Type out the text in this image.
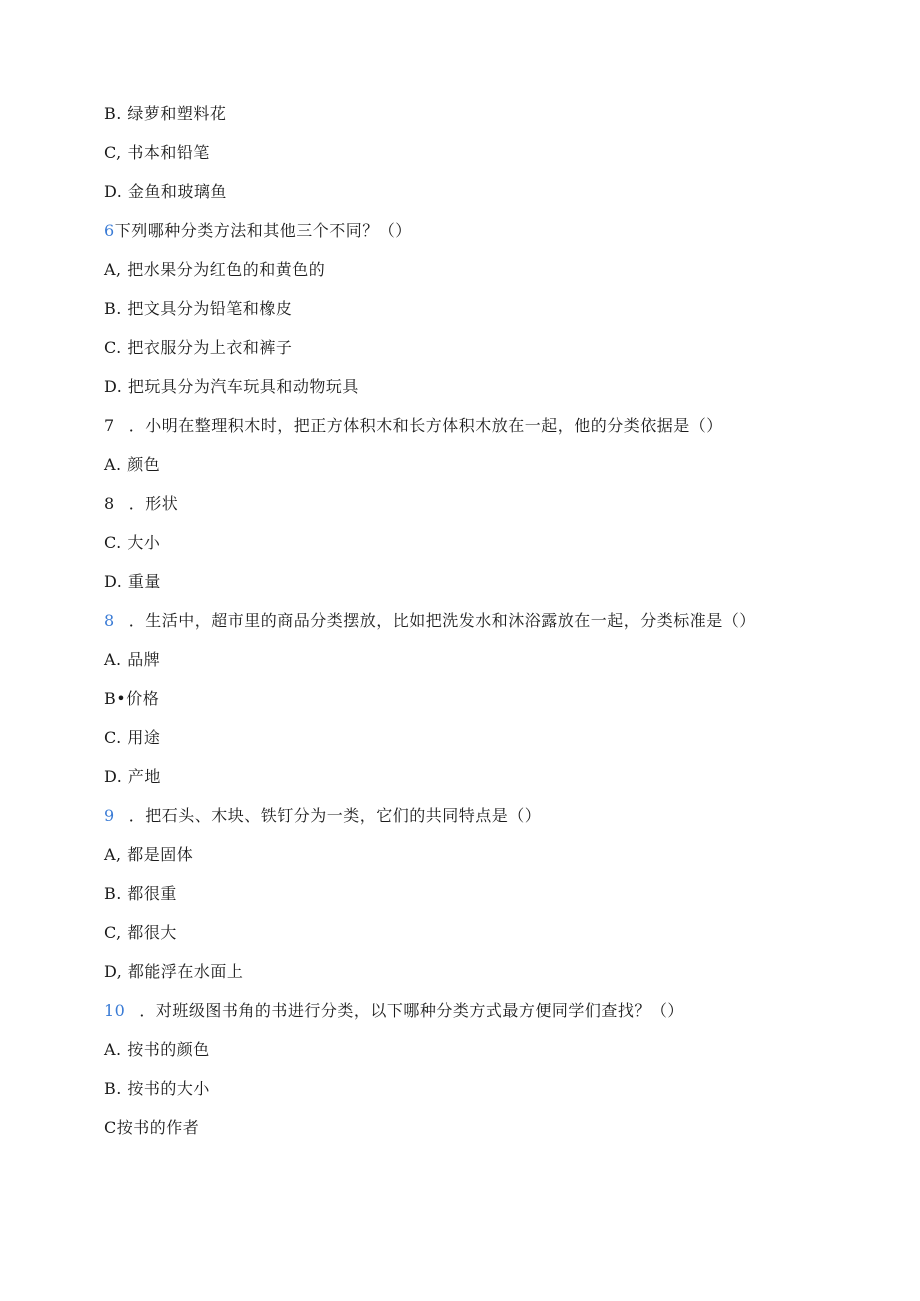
B. 绿萝和塑料花
C, 书本和铅笔
D. 金鱼和玻璃鱼
6下列哪种分类方法和其他三个不同？（）
A, 把水果分为红色的和黄色的
B. 把文具分为铅笔和橡皮
C. 把衣服分为上衣和裤子
D. 把玩具分为汽车玩具和动物玩具
7 ．小明在整理积木时，把正方体积木和长方体积木放在一起，他的分类依据是（）
A. 颜色
8 ．形状
C. 大小
D. 重量
8 ．生活中，超市里的商品分类摆放，比如把洗发水和沐浴露放在一起，分类标准是（）
A. 品牌
B•价格
C. 用途
D. 产地
9 ．把石头、木块、铁钉分为一类，它们的共同特点是（）
A, 都是固体
B. 都很重
C, 都很大
D, 都能浮在水面上
10 ．对班级图书角的书进行分类，以下哪种分类方式最方便同学们查找？（）
A. 按书的颜色
B. 按书的大小
C按书的作者
